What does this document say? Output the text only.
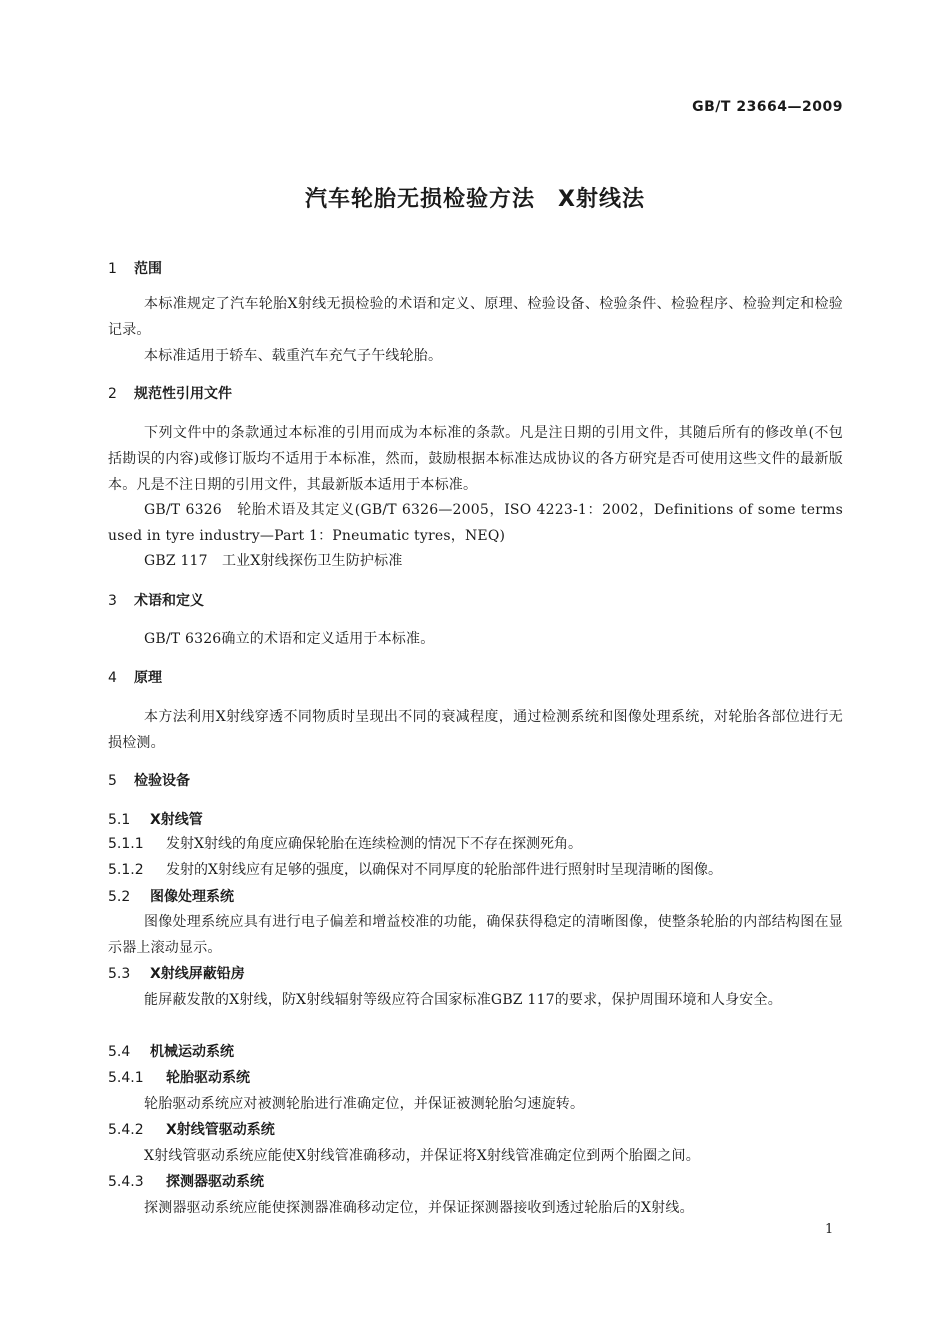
GB/T 23664—2009
汽车轮胎无损检验方法　X射线法
1 范围
本标准规定了汽车轮胎X射线无损检验的术语和定义、原理、检验设备、检验条件、检验程序、检验判定和检验记录。
本标准适用于轿车、载重汽车充气子午线轮胎。
2 规范性引用文件
下列文件中的条款通过本标准的引用而成为本标准的条款。凡是注日期的引用文件，其随后所有的修改单(不包括勘误的内容)或修订版均不适用于本标准，然而，鼓励根据本标准达成协议的各方研究是否可使用这些文件的最新版本。凡是不注日期的引用文件，其最新版本适用于本标准。
GB/T 6326　轮胎术语及其定义(GB/T 6326—2005，ISO 4223-1：2002，Definitions of some terms used in tyre industry—Part 1：Pneumatic tyres，NEQ)
GBZ 117　工业X射线探伤卫生防护标准
3 术语和定义
GB/T 6326确立的术语和定义适用于本标准。
4 原理
本方法利用X射线穿透不同物质时呈现出不同的衰减程度，通过检测系统和图像处理系统，对轮胎各部位进行无损检测。
5 检验设备
5.1 X射线管
5.1.1 发射X射线的角度应确保轮胎在连续检测的情况下不存在探测死角。
5.1.2 发射的X射线应有足够的强度，以确保对不同厚度的轮胎部件进行照射时呈现清晰的图像。
5.2 图像处理系统
图像处理系统应具有进行电子偏差和增益校准的功能，确保获得稳定的清晰图像，使整条轮胎的内部结构图在显示器上滚动显示。
5.3 X射线屏蔽铅房
能屏蔽发散的X射线，防X射线辐射等级应符合国家标准GBZ 117的要求，保护周围环境和人身安全。
5.4 机械运动系统
5.4.1 轮胎驱动系统
轮胎驱动系统应对被测轮胎进行准确定位，并保证被测轮胎匀速旋转。
5.4.2 X射线管驱动系统
X射线管驱动系统应能使X射线管准确移动，并保证将X射线管准确定位到两个胎圈之间。
5.4.3 探测器驱动系统
探测器驱动系统应能使探测器准确移动定位，并保证探测器接收到透过轮胎后的X射线。
1
